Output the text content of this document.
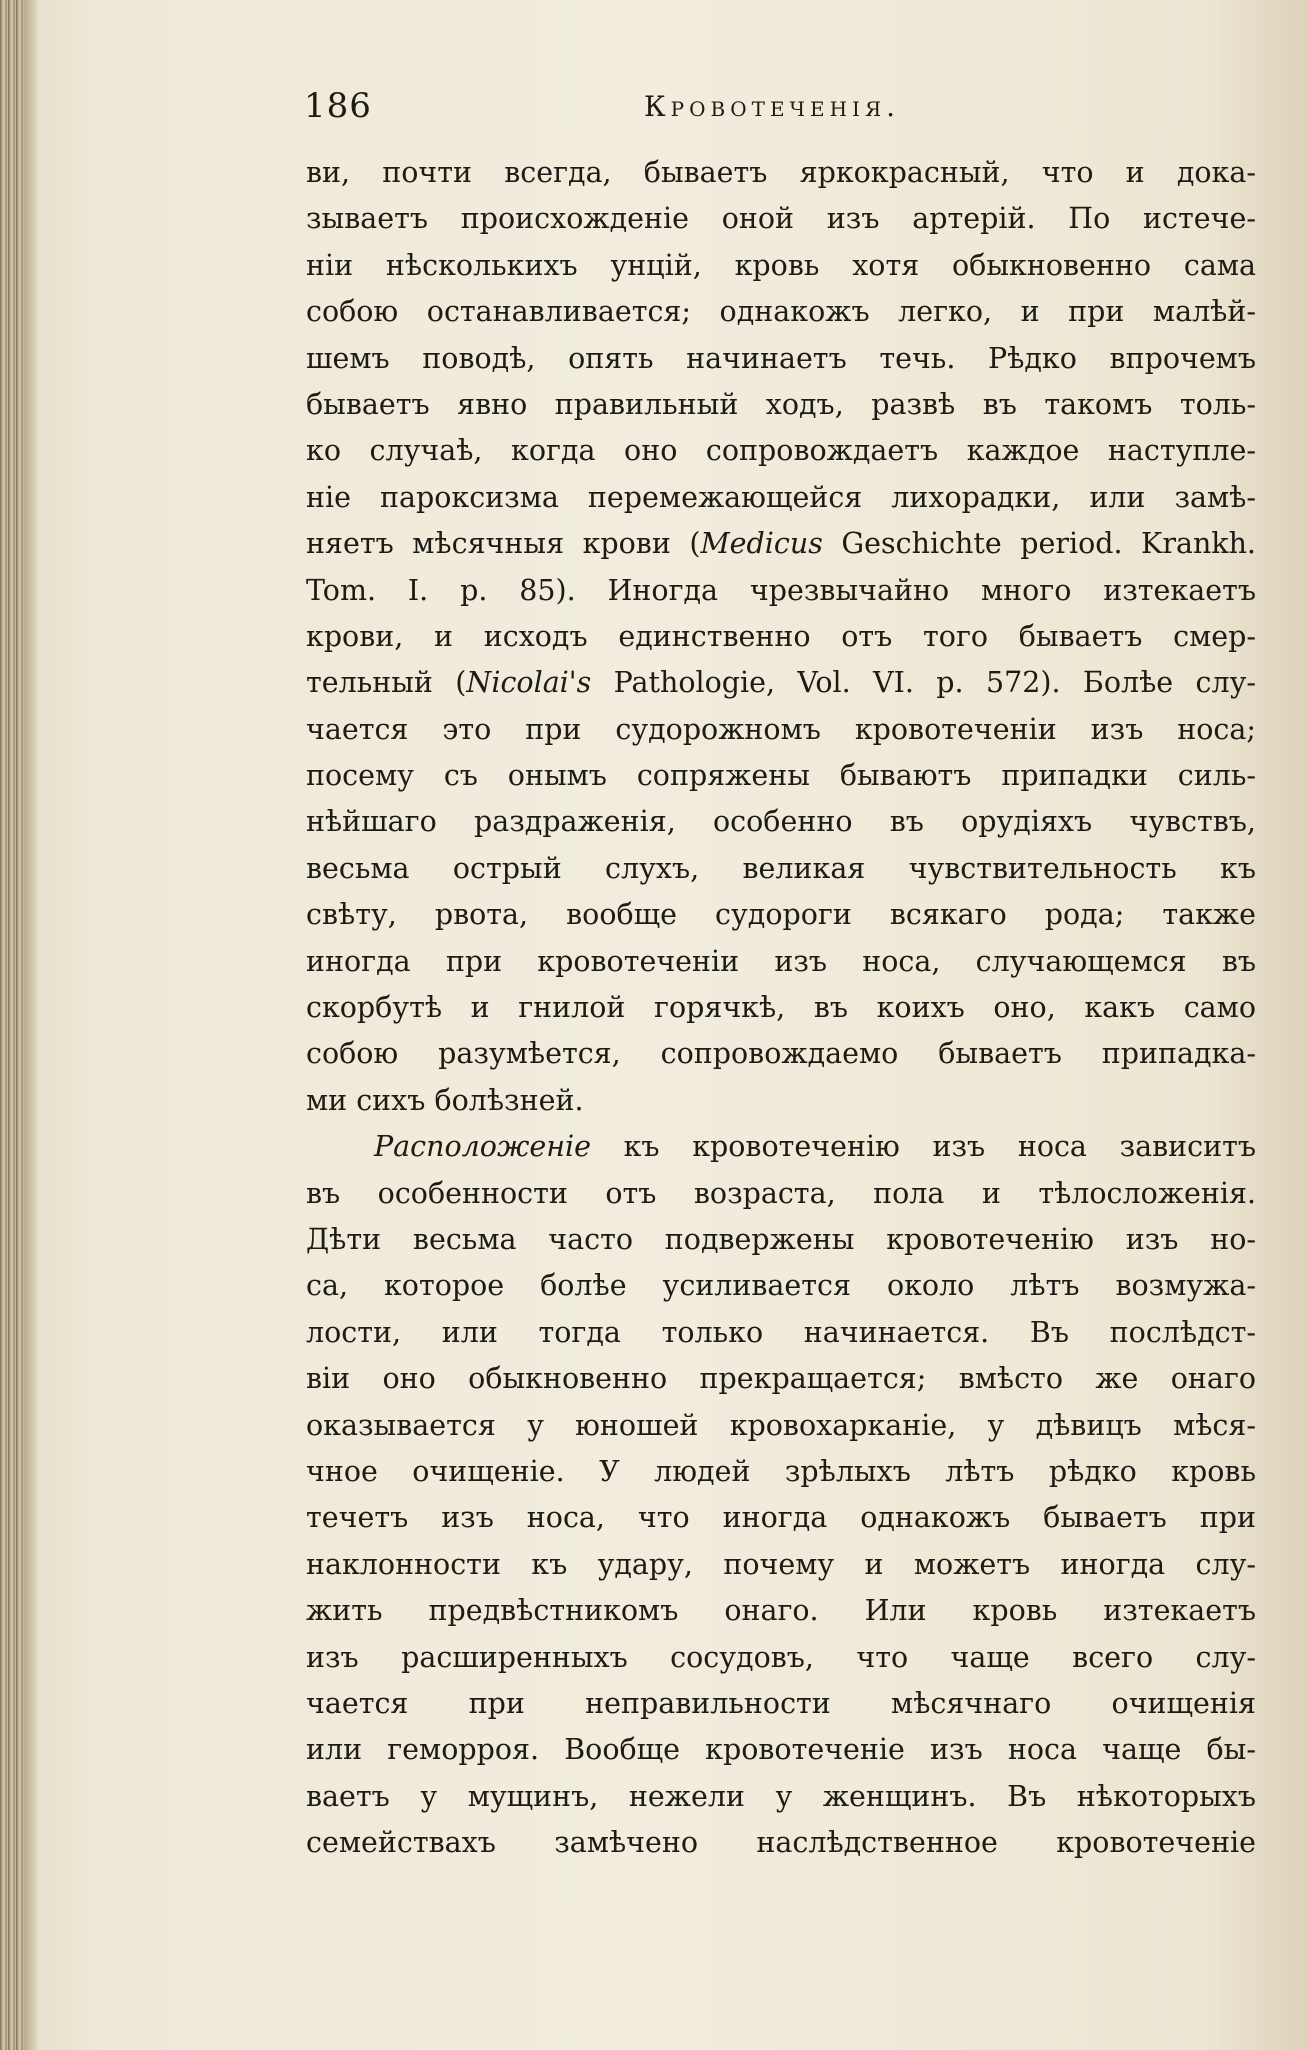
186	Кровотеченія.
ви, почти всегда, бываетъ яркокрасный, что и дока-
зываетъ происхожденіе оной изъ артерій. По истече-
ніи нѣсколькихъ унцій, кровь хотя обыкновенно сама
собою останавливается; однакожъ легко, и при малѣй-
шемъ поводѣ, опять начинаетъ течь. Рѣдко впрочемъ
бываетъ явно правильный ходъ, развѣ въ такомъ толь-
ко случаѣ, когда оно сопровождаетъ каждое наступле-
ніе пароксизма перемежающейся лихорадки, или замѣ-
няетъ мѣсячныя крови (Medicus Geschichte period. Krankh.
Tom. I. p. 85). Иногда чрезвычайно много изтекаетъ
крови, и исходъ единственно отъ того бываетъ смер-
тельный (Nicolai's Pathologie, Vol. VI. p. 572). Болѣе слу-
чается это при судорожномъ кровотеченіи изъ носа;
посему съ онымъ сопряжены бываютъ припадки силь-
нѣйшаго раздраженія, особенно въ орудіяхъ чувствъ,
весьма острый слухъ, великая чувствительность къ
свѣту, рвота, вообще судороги всякаго рода; также
иногда при кровотеченіи изъ носа, случающемся въ
скорбутѣ и гнилой горячкѣ, въ коихъ оно, какъ само
собою разумѣется, сопровождаемо бываетъ припадка-
ми сихъ болѣзней.
Расположеніе къ кровотеченію изъ носа зависитъ
въ особенности отъ возраста, пола и тѣлосложенія.
Дѣти весьма часто подвержены кровотеченію изъ но-
са, которое болѣе усиливается около лѣтъ возмужа-
лости, или тогда только начинается. Въ послѣдст-
віи оно обыкновенно прекращается; вмѣсто же онаго
оказывается у юношей кровохарканіе, у дѣвицъ мѣся-
чное очищеніе. У людей зрѣлыхъ лѣтъ рѣдко кровь
течетъ изъ носа, что иногда однакожъ бываетъ при
наклонности къ удару, почему и можетъ иногда слу-
жить предвѣстникомъ онаго. Или кровь изтекаетъ
изъ расширенныхъ сосудовъ, что чаще всего слу-
чается при неправильности мѣсячнаго очищенія
или геморроя. Вообще кровотеченіе изъ носа чаще бы-
ваетъ у мущинъ, нежели у женщинъ. Въ нѣкоторыхъ
семействахъ замѣчено наслѣдственное кровотеченіе
